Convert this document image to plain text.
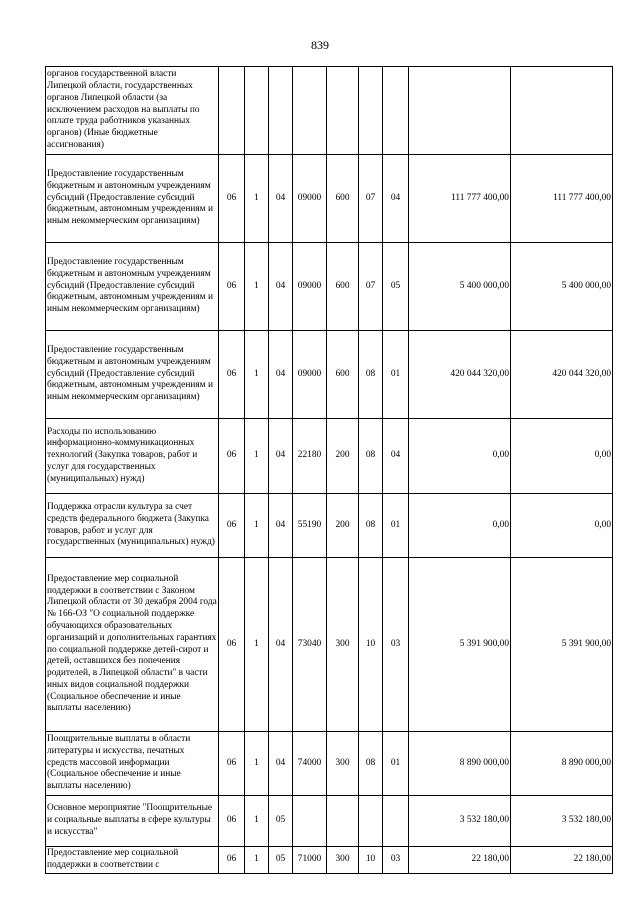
839
органов государственной власти Липецкой области, государственных органов Липецкой области (за исключением расходов на выплаты по оплате труда работников указанных органов) (Иные бюджетные ассигнования)									
Предоставление государственным бюджетным и автономным учреждениям субсидий (Предоставление субсидий бюджетным, автономным учреждениям и иным некоммерческим организациям)	06	1	04	09000	600	07	04	111 777 400,00	111 777 400,00
Предоставление государственным бюджетным и автономным учреждениям субсидий (Предоставление субсидий бюджетным, автономным учреждениям и иным некоммерческим организациям)	06	1	04	09000	600	07	05	5 400 000,00	5 400 000,00
Предоставление государственным бюджетным и автономным учреждениям субсидий (Предоставление субсидий бюджетным, автономным учреждениям и иным некоммерческим организациям)	06	1	04	09000	600	08	01	420 044 320,00	420 044 320,00
Расходы по использованию информационно-коммуникационных технологий (Закупка товаров, работ и услуг для государственных (муниципальных) нужд)	06	1	04	22180	200	08	04	0,00	0,00
Поддержка отрасли культура за счет средств федерального бюджета (Закупка товаров, работ и услуг для государственных (муниципальных) нужд)	06	1	04	55190	200	08	01	0,00	0,00
Предоставление мер социальной поддержки в соответствии с Законом Липецкой области от 30 декабря 2004 года № 166-ОЗ "О социальной поддержке обучающихся образовательных организаций и дополнительных гарантиях по социальной поддержке детей-сирот и детей, оставшихся без попечения родителей, в Липецкой области" в части иных видов социальной поддержки (Социальное обеспечение и иные выплаты населению)	06	1	04	73040	300	10	03	5 391 900,00	5 391 900,00
Поощрительные выплаты в области литературы и искусства, печатных средств массовой информации (Социальное обеспечение и иные выплаты населению)	06	1	04	74000	300	08	01	8 890 000,00	8 890 000,00
Основное мероприятие "Поощрительные и социальные выплаты в сфере культуры и искусства"	06	1	05					3 532 180,00	3 532 180,00
Предоставление мер социальной поддержки в соответствии с	06	1	05	71000	300	10	03	22 180,00	22 180,00
